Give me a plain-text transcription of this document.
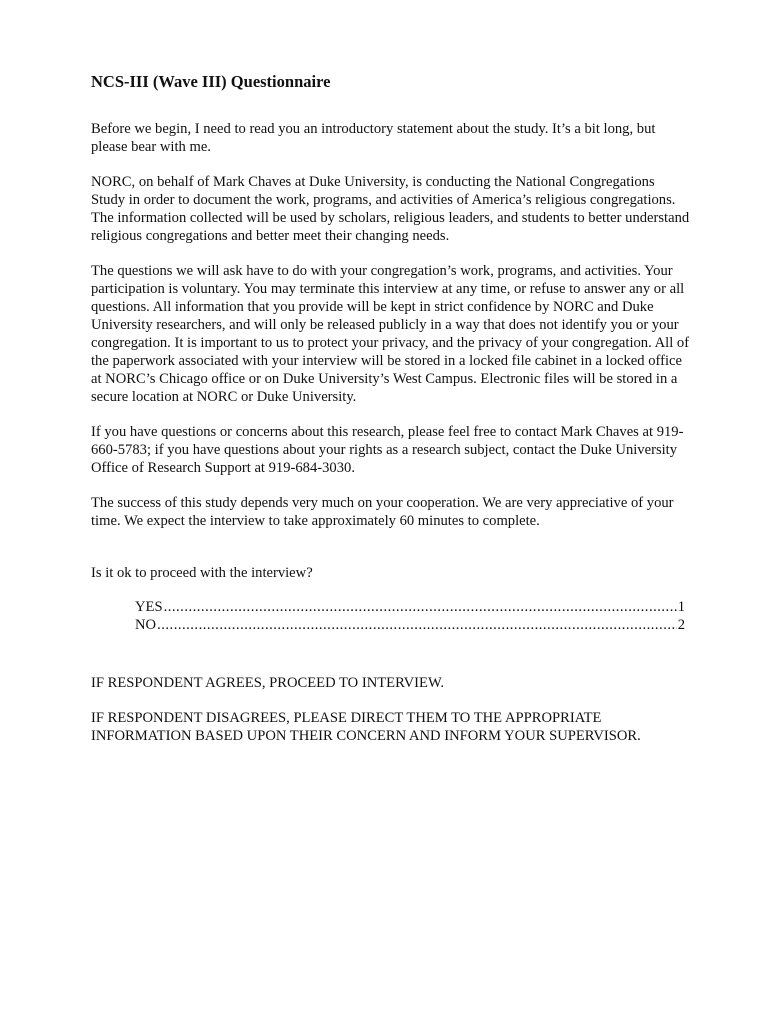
NCS-III (Wave III) Questionnaire

Before we begin, I need to read you an introductory statement about the study. It’s a bit long, but please bear with me.

NORC, on behalf of Mark Chaves at Duke University, is conducting the National Congregations Study in order to document the work, programs, and activities of America’s religious congregations. The information collected will be used by scholars, religious leaders, and students to better understand religious congregations and better meet their changing needs.

The questions we will ask have to do with your congregation’s work, programs, and activities. Your participation is voluntary. You may terminate this interview at any time, or refuse to answer any or all questions. All information that you provide will be kept in strict confidence by NORC and Duke University researchers, and will only be released publicly in a way that does not identify you or your congregation. It is important to us to protect your privacy, and the privacy of your congregation. All of the paperwork associated with your interview will be stored in a locked file cabinet in a locked office at NORC’s Chicago office or on Duke University’s West Campus. Electronic files will be stored in a secure location at NORC or Duke University.

If you have questions or concerns about this research, please feel free to contact Mark Chaves at 919-660-5783; if you have questions about your rights as a research subject, contact the Duke University Office of Research Support at 919-684-3030.

The success of this study depends very much on your cooperation. We are very appreciative of your time. We expect the interview to take approximately 60 minutes to complete.

Is it ok to proceed with the interview?

YES .....	1
NO .....	2

IF RESPONDENT AGREES, PROCEED TO INTERVIEW.

IF RESPONDENT DISAGREES, PLEASE DIRECT THEM TO THE APPROPRIATE INFORMATION BASED UPON THEIR CONCERN AND INFORM YOUR SUPERVISOR.
